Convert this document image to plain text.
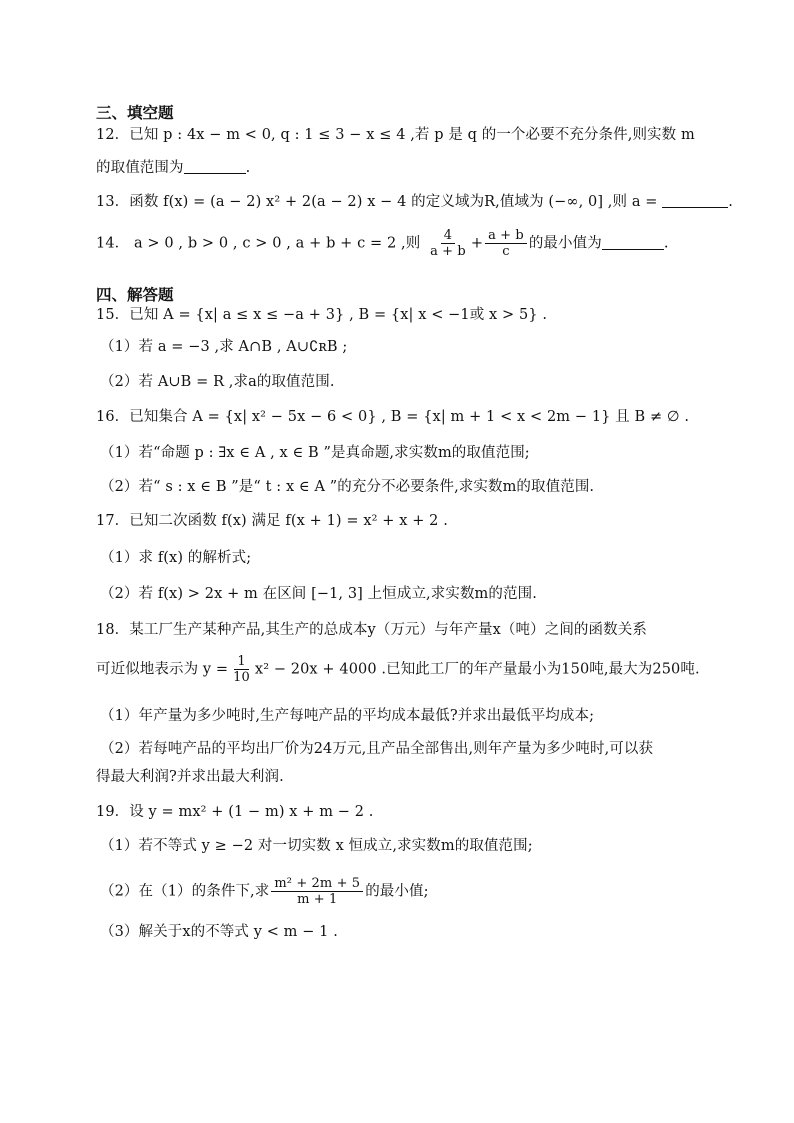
三、填空题
12．已知 p : 4x − m < 0, q : 1 ≤ 3 − x ≤ 4 ,若 p 是 q 的一个必要不充分条件,则实数 m
的取值范围为	.
13．函数 f(x) = (a − 2) x² + 2(a − 2) x − 4 的定义域为R,值域为 (−∞, 0] ,则 a =	.
14． a > 0 , b > 0 , c > 0 , a + b + c = 2 ,则 $\frac{4}{a + b} + \frac{a + b}{c}$ 的最小值为	.
四、解答题
15．已知 A = {x| a ≤ x ≤ −a + 3} , B = {x| x < −1或 x > 5} .
（1）若 a = −3 ,求 A∩B , A∪∁ʀB ;
（2）若 A∪B = R ,求a的取值范围.
16．已知集合 A = {x| x² − 5x − 6 < 0} , B = {x| m + 1 < x < 2m − 1} 且 B ≠ ∅ .
（1）若“命题 p : ∃x ∈ A , x ∈ B ”是真命题,求实数m的取值范围;
（2）若“ s : x ∈ B ”是“ t : x ∈ A ”的充分不必要条件,求实数m的取值范围.
17．已知二次函数 f(x) 满足 f(x + 1) = x² + x + 2 .
（1）求 f(x) 的解析式;
（2）若 f(x) > 2x + m 在区间 [−1, 3] 上恒成立,求实数m的范围.
18．某工厂生产某种产品,其生产的总成本y（万元）与年产量x（吨）之间的函数关系
可近似地表示为 $y = \frac{1}{10} x^2 - 20x + 4000$ .已知此工厂的年产量最小为150吨,最大为250吨.
（1）年产量为多少吨时,生产每吨产品的平均成本最低?并求出最低平均成本;
（2）若每吨产品的平均出厂价为24万元,且产品全部售出,则年产量为多少吨时,可以获
得最大利润?并求出最大利润.
19．设 y = mx² + (1 − m) x + m − 2 .
（1）若不等式 y ≥ −2 对一切实数 x 恒成立,求实数m的取值范围;
（2）在（1）的条件下,求 $\frac{\text{m² + 2m + 5}}{m + 1}$ 的最小值;
（3）解关于x的不等式 y < m − 1 .
